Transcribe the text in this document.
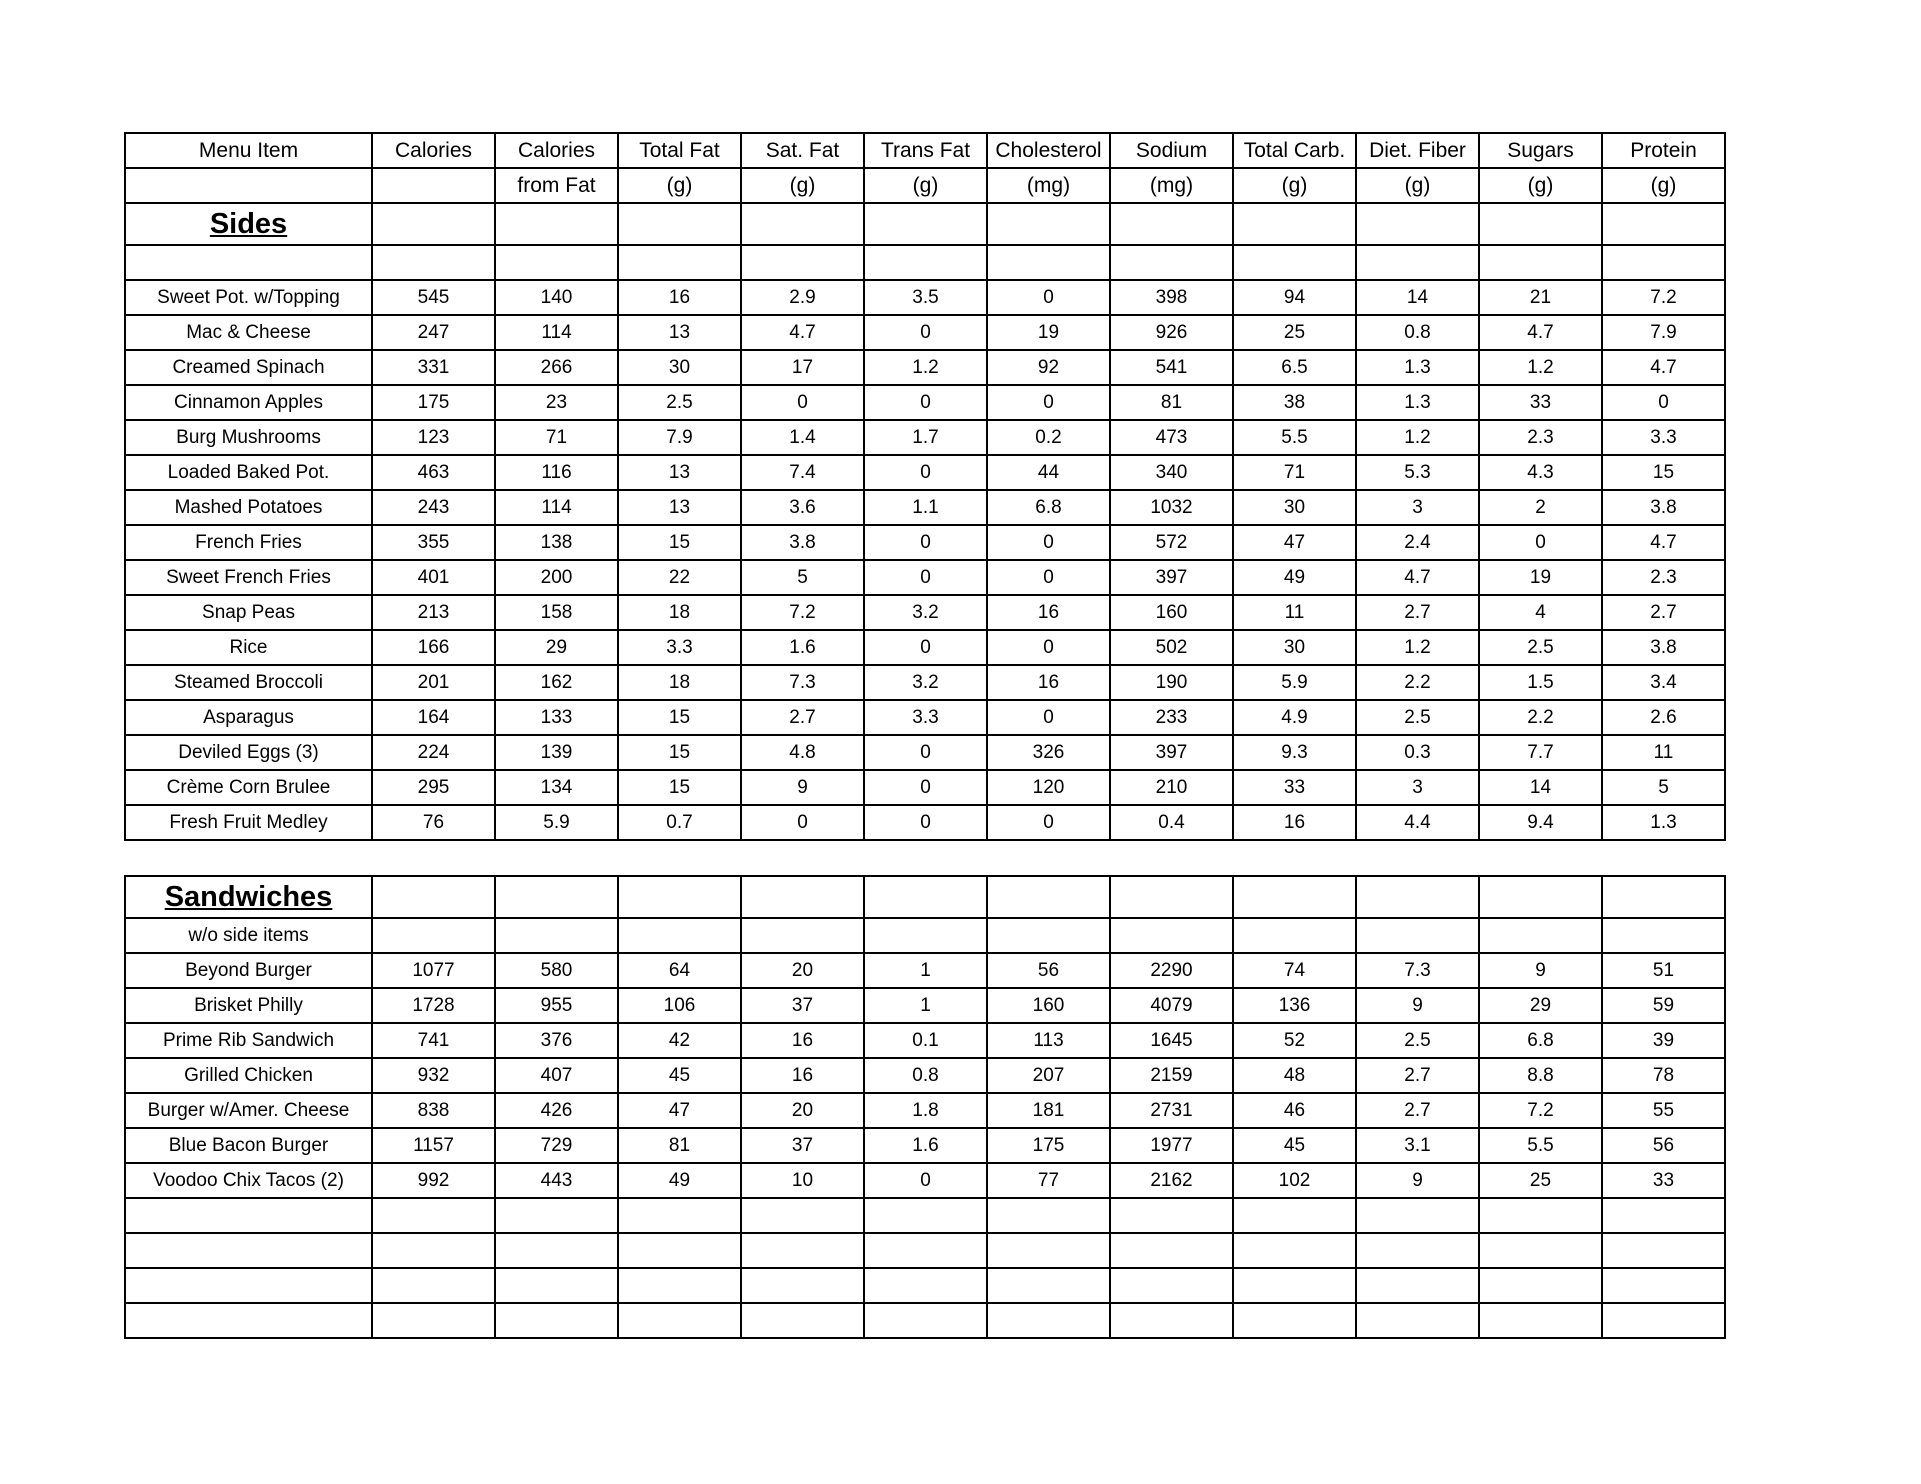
Menu Item	Calories	Calories	Total Fat	Sat. Fat	Trans Fat	Cholesterol	Sodium	Total Carb.	Diet. Fiber	Sugars	Protein
		from Fat	(g)	(g)	(g)	(mg)	(mg)	(g)	(g)	(g)	(g)
Sides											

Sweet Pot. w/Topping	545	140	16	2.9	3.5	0	398	94	14	21	7.2
Mac & Cheese	247	114	13	4.7	0	19	926	25	0.8	4.7	7.9
Creamed Spinach	331	266	30	17	1.2	92	541	6.5	1.3	1.2	4.7
Cinnamon Apples	175	23	2.5	0	0	0	81	38	1.3	33	0
Burg Mushrooms	123	71	7.9	1.4	1.7	0.2	473	5.5	1.2	2.3	3.3
Loaded Baked Pot.	463	116	13	7.4	0	44	340	71	5.3	4.3	15
Mashed Potatoes	243	114	13	3.6	1.1	6.8	1032	30	3	2	3.8
French Fries	355	138	15	3.8	0	0	572	47	2.4	0	4.7
Sweet French Fries	401	200	22	5	0	0	397	49	4.7	19	2.3
Snap Peas	213	158	18	7.2	3.2	16	160	11	2.7	4	2.7
Rice	166	29	3.3	1.6	0	0	502	30	1.2	2.5	3.8
Steamed Broccoli	201	162	18	7.3	3.2	16	190	5.9	2.2	1.5	3.4
Asparagus	164	133	15	2.7	3.3	0	233	4.9	2.5	2.2	2.6
Deviled Eggs (3)	224	139	15	4.8	0	326	397	9.3	0.3	7.7	11
Crème Corn Brulee	295	134	15	9	0	120	210	33	3	14	5
Fresh Fruit Medley	76	5.9	0.7	0	0	0	0.4	16	4.4	9.4	1.3
Sandwiches											
w/o side items											
Beyond Burger	1077	580	64	20	1	56	2290	74	7.3	9	51
Brisket Philly	1728	955	106	37	1	160	4079	136	9	29	59
Prime Rib Sandwich	741	376	42	16	0.1	113	1645	52	2.5	6.8	39
Grilled Chicken	932	407	45	16	0.8	207	2159	48	2.7	8.8	78
Burger w/Amer. Cheese	838	426	47	20	1.8	181	2731	46	2.7	7.2	55
Blue Bacon Burger	1157	729	81	37	1.6	175	1977	45	3.1	5.5	56
Voodoo Chix Tacos (2)	992	443	49	10	0	77	2162	102	9	25	33
